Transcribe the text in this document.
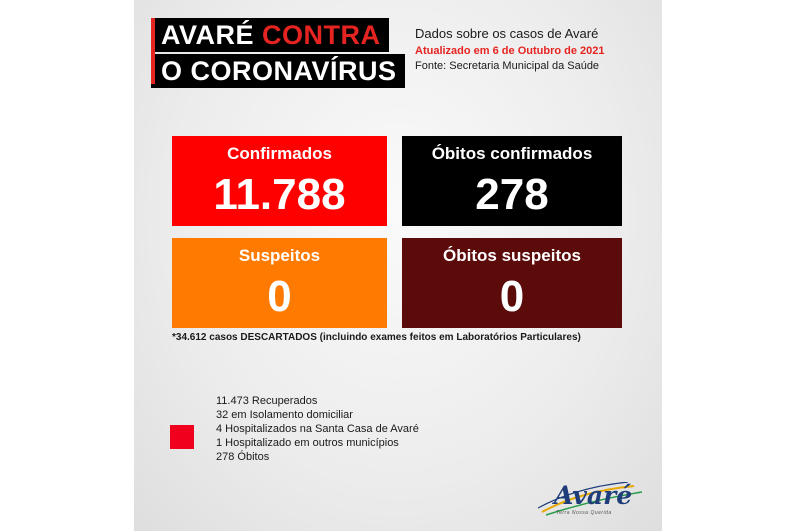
AVARÉ CONTRA
O CORONAVÍRUS
Dados sobre os casos de Avaré
Atualizado em 6 de Outubro de 2021
Fonte: Secretaria Municipal da Saúde
Confirmados
11.788
Óbitos confirmados
278
Suspeitos
0
Óbitos suspeitos
0
*34.612 casos DESCARTADOS (incluindo exames feitos em Laboratórios Particulares)
11.473 Recuperados
32 em Isolamento domiciliar
4 Hospitalizados na Santa Casa de Avaré
1 Hospitalizado em outros municípios
278 Óbitos
Avaré
Terra Nossa Querida
